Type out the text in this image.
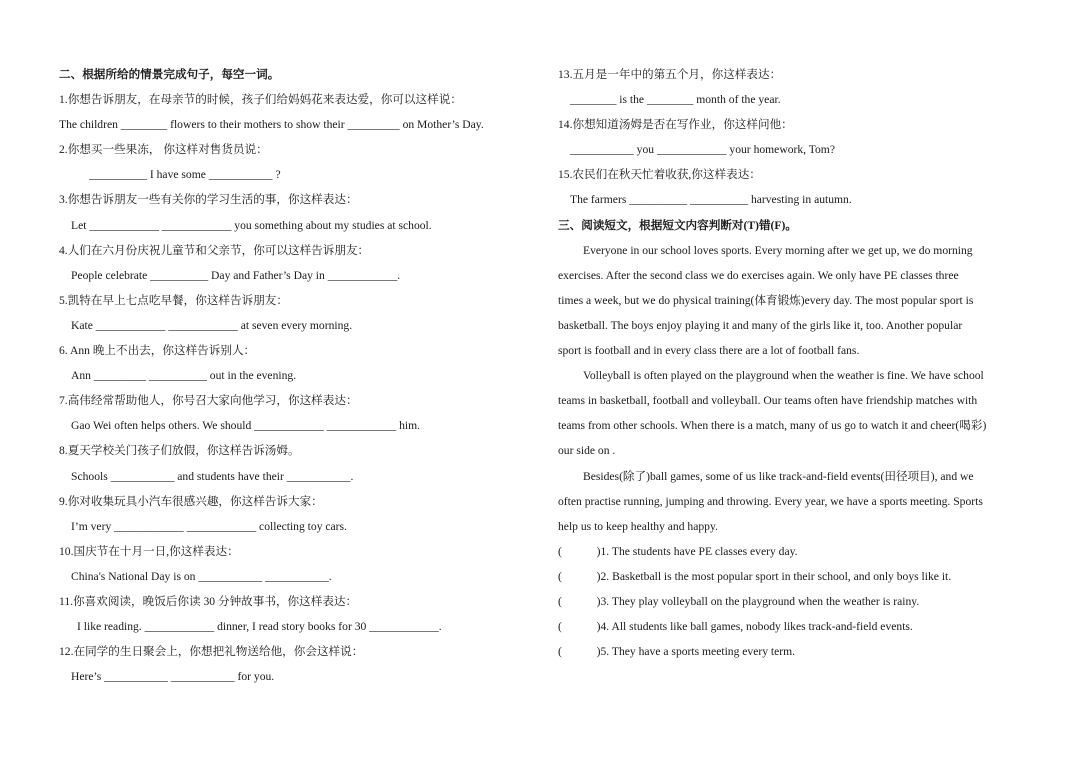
二、根据所给的情景完成句子，每空一词。
1.你想告诉朋友，在母亲节的时候，孩子们给妈妈花来表达爱，你可以这样说：
The children ________ flowers to their mothers to show their _________ on Mother’s Day.
2.你想买一些果冻， 你这样对售货员说：
__________ I have some ___________ ?
3.你想告诉朋友一些有关你的学习生活的事，你这样表达：
Let ____________ ____________ you something about my studies at school.
4.人们在六月份庆祝儿童节和父亲节，你可以这样告诉朋友：
People celebrate __________ Day and Father’s Day in ____________.
5.凯特在早上七点吃早餐，你这样告诉朋友：
Kate ____________ ____________ at seven every morning.
6. Ann 晚上不出去，你这样告诉别人：
Ann _________ __________ out in the evening.
7.高伟经常帮助他人，你号召大家向他学习，你这样表达：
Gao Wei often helps others. We should ____________ ____________ him.
8.夏天学校关门孩子们放假，你这样告诉汤姆。
Schools ___________ and students have their ___________.
9.你对收集玩具小汽车很感兴趣，你这样告诉大家：
I’m very ____________ ____________ collecting toy cars.
10.国庆节在十月一日,你这样表达：
China's National Day is on ___________ ___________.
11.你喜欢阅读，晚饭后你读 30 分钟故事书，你这样表达：
I like reading. ____________ dinner, I read story books for 30 ____________.
12.在同学的生日聚会上，你想把礼物送给他，你会这样说：
Here’s ___________ ___________ for you.
13.五月是一年中的第五个月，你这样表达：
________ is the ________ month of the year.
14.你想知道汤姆是否在写作业，你这样问他：
___________ you ____________ your homework, Tom?
15.农民们在秋天忙着收获,你这样表达：
The farmers __________ __________ harvesting in autumn.
三、阅读短文，根据短文内容判断对(T)错(F)。
Everyone in our school loves sports. Every morning after we get up, we do morning
exercises. After the second class we do exercises again. We only have PE classes three
times a week, but we do physical training(体育锻炼)every day. The most popular sport is
basketball. The boys enjoy playing it and many of the girls like it, too. Another popular
sport is football and in every class there are a lot of football fans.
Volleyball is often played on the playground when the weather is fine. We have school
teams in basketball, football and volleyball. Our teams often have friendship matches with
teams from other schools. When there is a match, many of us go to watch it and cheer(喝彩)
our side on .
Besides(除了)ball games, some of us like track-and-field events(田径项目), and we
often practise running, jumping and throwing. Every year, we have a sports meeting. Sports
help us to keep healthy and happy.
(            )1. The students have PE classes every day.
(            )2. Basketball is the most popular sport in their school, and only boys like it.
(            )3. They play volleyball on the playground when the weather is rainy.
(            )4. All students like ball games, nobody likes track-and-field events.
(            )5. They have a sports meeting every term.
